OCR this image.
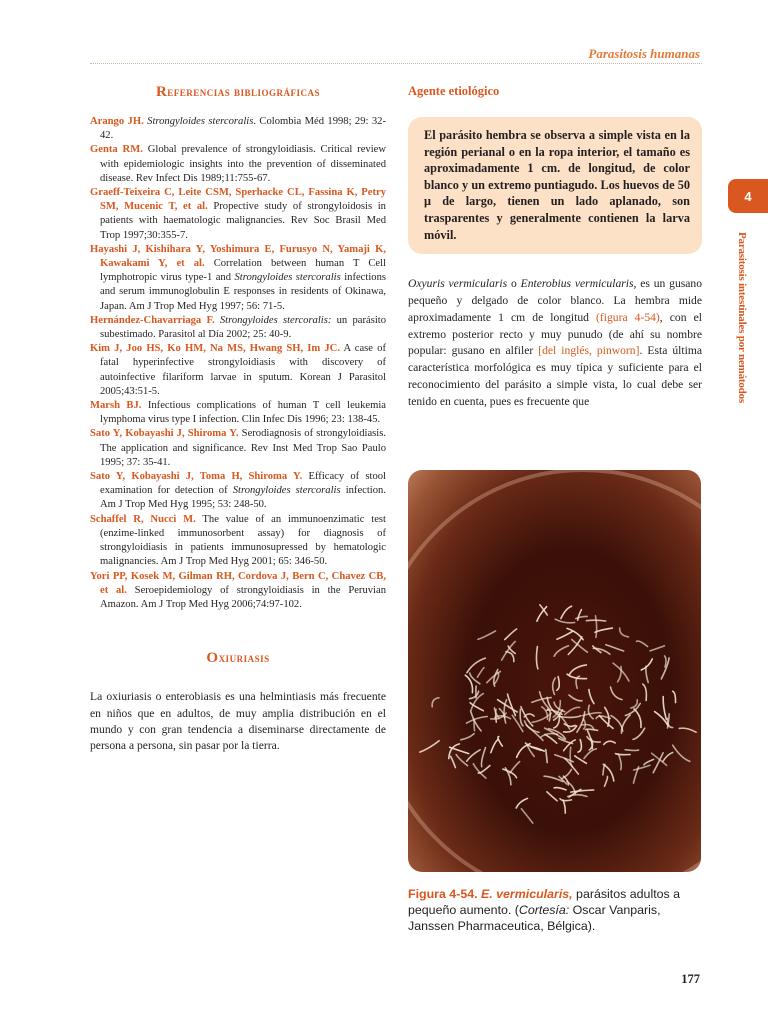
Parasitosis humanas
4
Parasitosis intestinales por nemátodos
Referencias bibliográficas

Arango JH. Strongyloides stercoralis. Colombia Méd 1998; 29: 32-42.

Genta RM. Global prevalence of strongyloidiasis. Critical review with epidemiologic insights into the prevention of disseminated disease. Rev Infect Dis 1989;11:755-67.

Graeff-Teixeira C, Leite CSM, Sperhacke CL, Fassina K, Petry SM, Mucenic T, et al. Propective study of strongyloidosis in patients with haematologic malignancies. Rev Soc Brasil Med Trop 1997;30:355-7.

Hayashi J, Kishihara Y, Yoshimura E, Furusyo N, Yamaji K, Kawakami Y, et al. Correlation between human T Cell lymphotropic virus type-1 and Strongyloides stercoralis infections and serum immunoglobulin E responses in residents of Okinawa, Japan. Am J Trop Med Hyg 1997; 56: 71-5.

Hernández-Chavarriaga F. Strongyloides stercoralis: un parásito subestimado. Parasitol al Día 2002; 25: 40-9.

Kim J, Joo HS, Ko HM, Na MS, Hwang SH, Im JC. A case of fatal hyperinfective strongyloidiasis with discovery of autoinfective filariform larvae in sputum. Korean J Parasitol 2005;43:51-5.

Marsh BJ. Infectious complications of human T cell leukemia lymphoma virus type I infection. Clin Infec Dis 1996; 23: 138-45.

Sato Y, Kobayashi J, Shiroma Y. Serodiagnosis of strongyloidiasis. The application and significance. Rev Inst Med Trop Sao Paulo 1995; 37: 35-41.

Sato Y, Kobayashi J, Toma H, Shiroma Y. Efficacy of stool examination for detection of Strongyloides stercoralis infection. Am J Trop Med Hyg 1995; 53: 248-50.

Schaffel R, Nucci M. The value of an immunoenzimatic test (enzime-linked immunosorbent assay) for diagnosis of strongyloidiasis in patients immunosupressed by hematologic malignancies. Am J Trop Med Hyg 2001; 65: 346-50.

Yori PP, Kosek M, Gilman RH, Cordova J, Bern C, Chavez CB, et al. Seroepidemiology of strongyloidiasis in the Peruvian Amazon. Am J Trop Med Hyg 2006;74:97-102.

Oxiuriasis

La oxiuriasis o enterobiasis es una helmintiasis más frecuente en niños que en adultos, de muy amplia distribución en el mundo y con gran tendencia a diseminarse directamente de persona a persona, sin pasar por la tierra.

Agente etiológico

El parásito hembra se observa a simple vista en la región perianal o en la ropa interior, el tamaño es aproximadamente 1 cm. de longitud, de color blanco y un extremo puntiagudo. Los huevos de 50 μ de largo, tienen un lado aplanado, son trasparentes y generalmente contienen la larva móvil.

Oxyuris vermicularis o Enterobius vermicularis, es un gusano pequeño y delgado de color blanco. La hembra mide aproximadamente 1 cm de longitud (figura 4-54), con el extremo posterior recto y muy punudo (de ahí su nombre popular: gusano en alfiler [del inglés, pinworn]. Esta última característica morfológica es muy típica y suficiente para el reconocimiento del parásito a simple vista, lo cual debe ser tenido en cuenta, pues es frecuente que

Figura 4-54. E. vermicularis, parásitos adultos a pequeño aumento. (Cortesía: Oscar Vanparis, Janssen Pharmaceutica, Bélgica).
177
